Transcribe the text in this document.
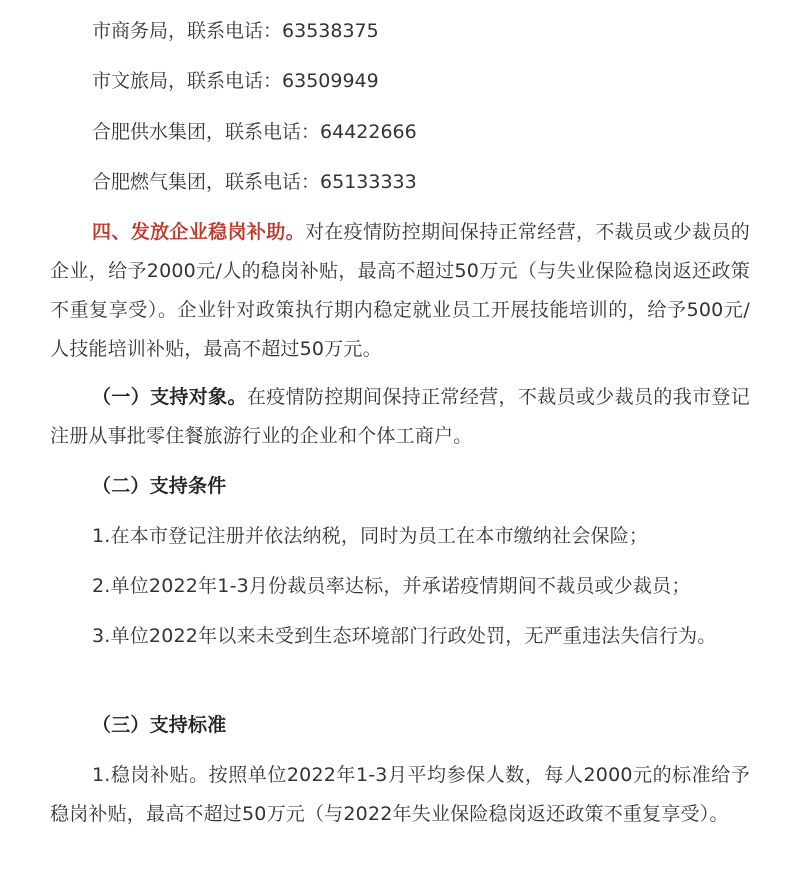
市商务局，联系电话：63538375

市文旅局，联系电话：63509949

合肥供水集团，联系电话：64422666

合肥燃气集团，联系电话：65133333

四、发放企业稳岗补助。对在疫情防控期间保持正常经营，不裁员或少裁员的企业，给予2000元/人的稳岗补贴，最高不超过50万元（与失业保险稳岗返还政策不重复享受）。企业针对政策执行期内稳定就业员工开展技能培训的，给予500元/人技能培训补贴，最高不超过50万元。

（一）支持对象。在疫情防控期间保持正常经营，不裁员或少裁员的我市登记注册从事批零住餐旅游行业的企业和个体工商户。

（二）支持条件

1.在本市登记注册并依法纳税，同时为员工在本市缴纳社会保险；

2.单位2022年1-3月份裁员率达标，并承诺疫情期间不裁员或少裁员；

3.单位2022年以来未受到生态环境部门行政处罚，无严重违法失信行为。

（三）支持标准

1.稳岗补贴。按照单位2022年1-3月平均参保人数，每人2000元的标准给予稳岗补贴，最高不超过50万元（与2022年失业保险稳岗返还政策不重复享受）。
